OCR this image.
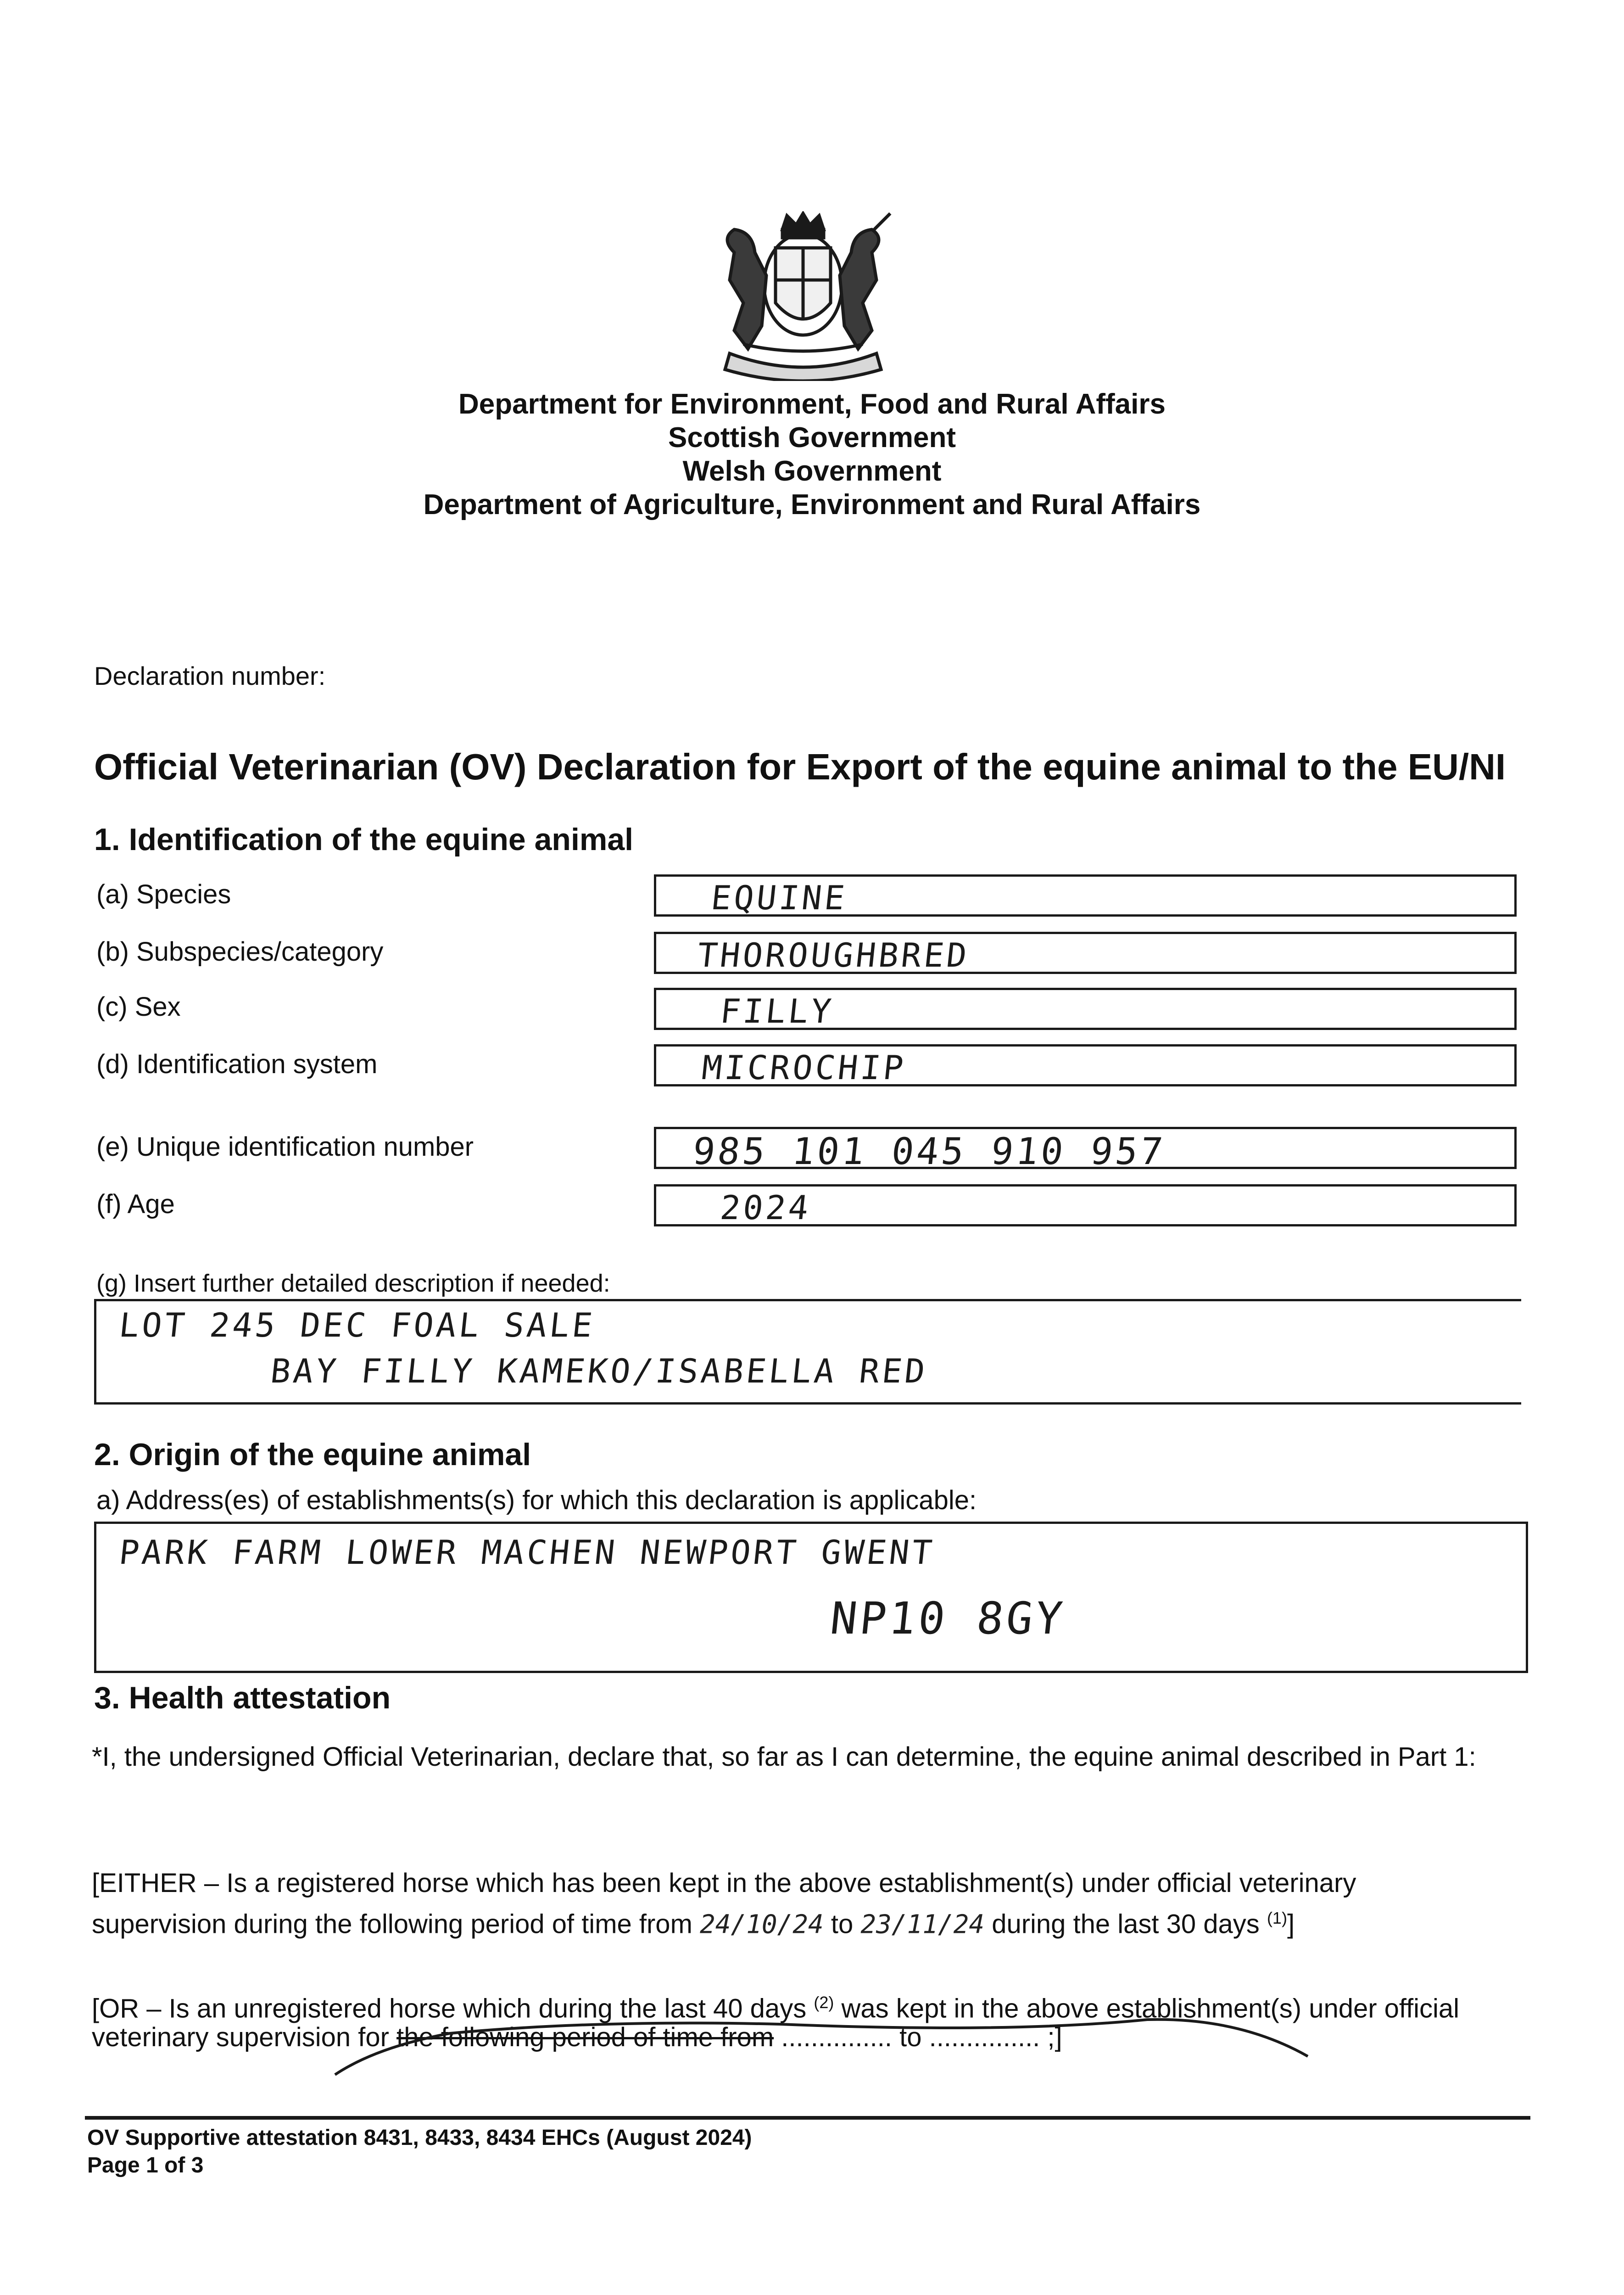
Department for Environment, Food and Rural Affairs
Scottish Government
Welsh Government
Department of Agriculture, Environment and Rural Affairs
Declaration number:
Official Veterinarian (OV) Declaration for Export of the equine animal to the EU/NI
1. Identification of the equine animal
(a) Species	EQUINE
(b) Subspecies/category	THOROUGHBRED
(c) Sex	FILLY
(d) Identification system	MICROCHIP
(e) Unique identification number	985 101 045 910 957
(f) Age	2024
(g) Insert further detailed description if needed:
LOT 245 DEC FOAL SALE
BAY FILLY KAMEKO/ISABELLA RED
2. Origin of the equine animal
a) Address(es) of establishments(s) for which this declaration is applicable:
PARK FARM LOWER MACHEN NEWPORT GWENT
NP10 8GY
3. Health attestation
*I, the undersigned Official Veterinarian, declare that, so far as I can determine, the equine animal described in Part 1:
[EITHER – Is a registered horse which has been kept in the above establishment(s) under official veterinary
supervision during the following period of time from 24/10/24 to 23/11/24 during the last 30 days $^{(1)}$]
[OR – Is an unregistered horse which during the last 40 days $^{(2)}$ was kept in the above establishment(s) under official
veterinary supervision for the following period of time from ............... to ............... ;]
OV Supportive attestation 8431, 8433, 8434 EHCs (August 2024)
Page 1 of 3
